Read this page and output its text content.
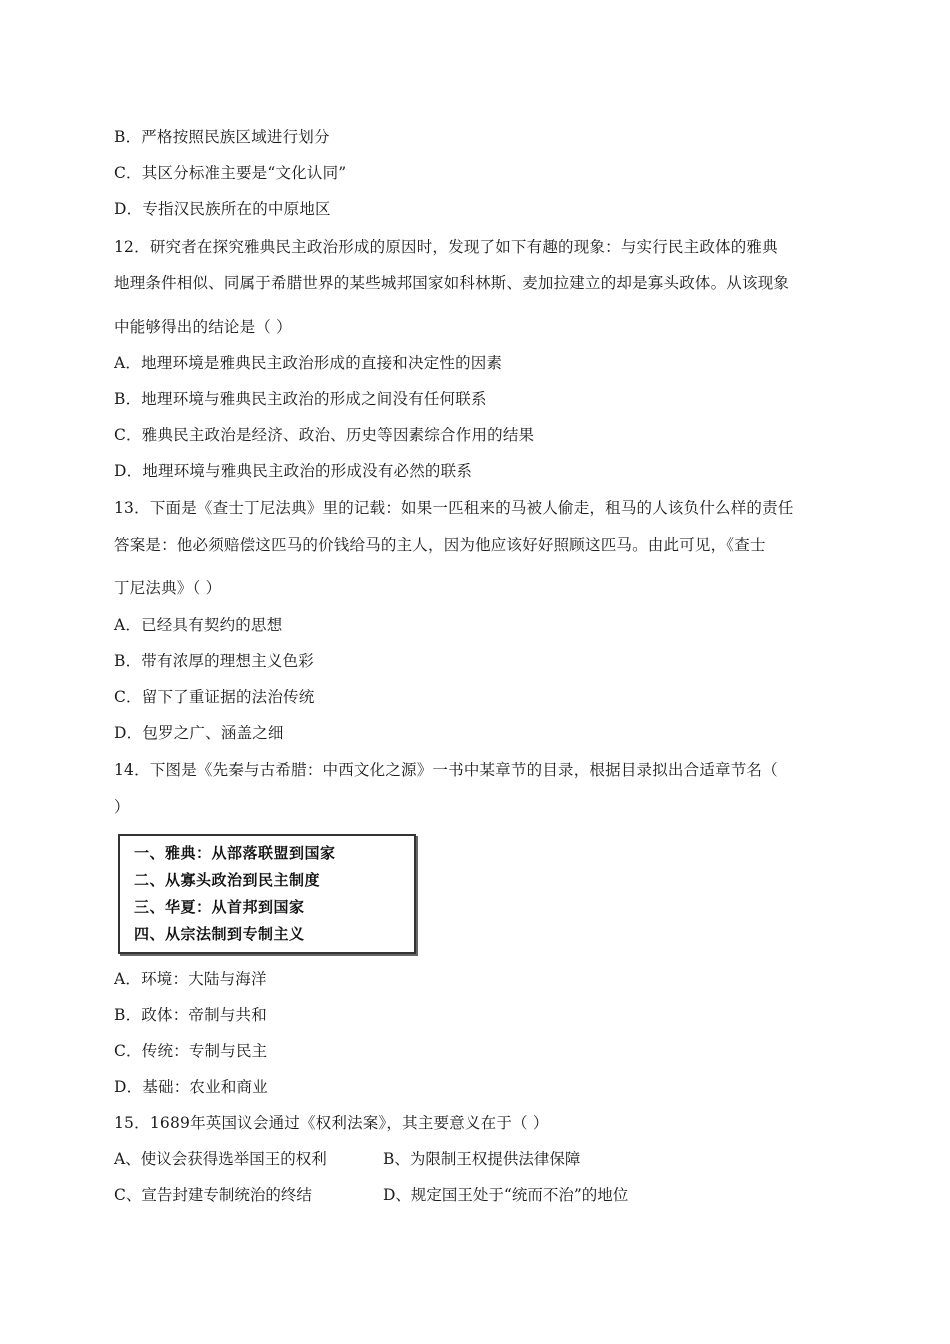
B．严格按照民族区域进行划分
C．其区分标准主要是“文化认同”
D．专指汉民族所在的中原地区
12．研究者在探究雅典民主政治形成的原因时，发现了如下有趣的现象：与实行民主政体的雅典
地理条件相似、同属于希腊世界的某些城邦国家如科林斯、麦加拉建立的却是寡头政体。从该现象
中能够得出的结论是（ ）
A．地理环境是雅典民主政治形成的直接和决定性的因素
B．地理环境与雅典民主政治的形成之间没有任何联系
C．雅典民主政治是经济、政治、历史等因素综合作用的结果
D．地理环境与雅典民主政治的形成没有必然的联系
13．下面是《查士丁尼法典》里的记载：如果一匹租来的马被人偷走，租马的人该负什么样的责任
答案是：他必须赔偿这匹马的价钱给马的主人，因为他应该好好照顾这匹马。由此可见，《查士
丁尼法典》（ ）
A．已经具有契约的思想
B．带有浓厚的理想主义色彩
C．留下了重证据的法治传统
D．包罗之广、涵盖之细
14．下图是《先秦与古希腊：中西文化之源》一书中某章节的目录，根据目录拟出合适章节名（
）
一、雅典：从部落联盟到国家
二、从寡头政治到民主制度
三、华夏：从首邦到国家
四、从宗法制到专制主义
A．环境：大陆与海洋
B．政体：帝制与共和
C．传统：专制与民主
D．基础：农业和商业
15．1689年英国议会通过《权利法案》，其主要意义在于（ ）
A、使议会获得选举国王的权利	B、为限制王权提供法律保障
C、宣告封建专制统治的终结	D、规定国王处于“统而不治”的地位
